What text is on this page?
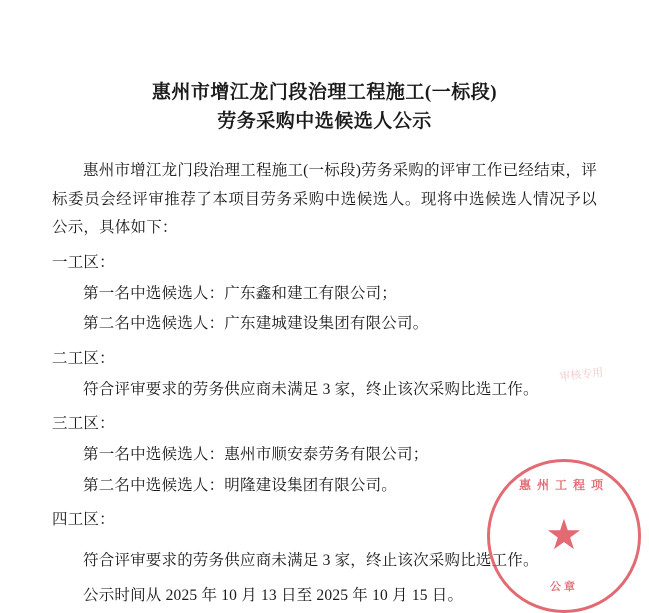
惠州市增江龙门段治理工程施工(一标段)
劳务采购中选候选人公示

惠州市增江龙门段治理工程施工(一标段)劳务采购的评审工作已经结束，评标委员会经评审推荐了本项目劳务采购中选候选人。现将中选候选人情况予以公示，具体如下：

一工区：

第一名中选候选人：广东鑫和建工有限公司；

第二名中选候选人：广东建城建设集团有限公司。

二工区：

符合评审要求的劳务供应商未满足 3 家，终止该次采购比选工作。

三工区：

第一名中选候选人：惠州市顺安泰劳务有限公司；

第二名中选候选人：明隆建设集团有限公司。

四工区：

符合评审要求的劳务供应商未满足 3 家，终止该次采购比选工作。

公示时间从 2025 年 10 月 13 日至 2025 年 10 月 15 日。

审核专用
惠州工程项
★
公章
